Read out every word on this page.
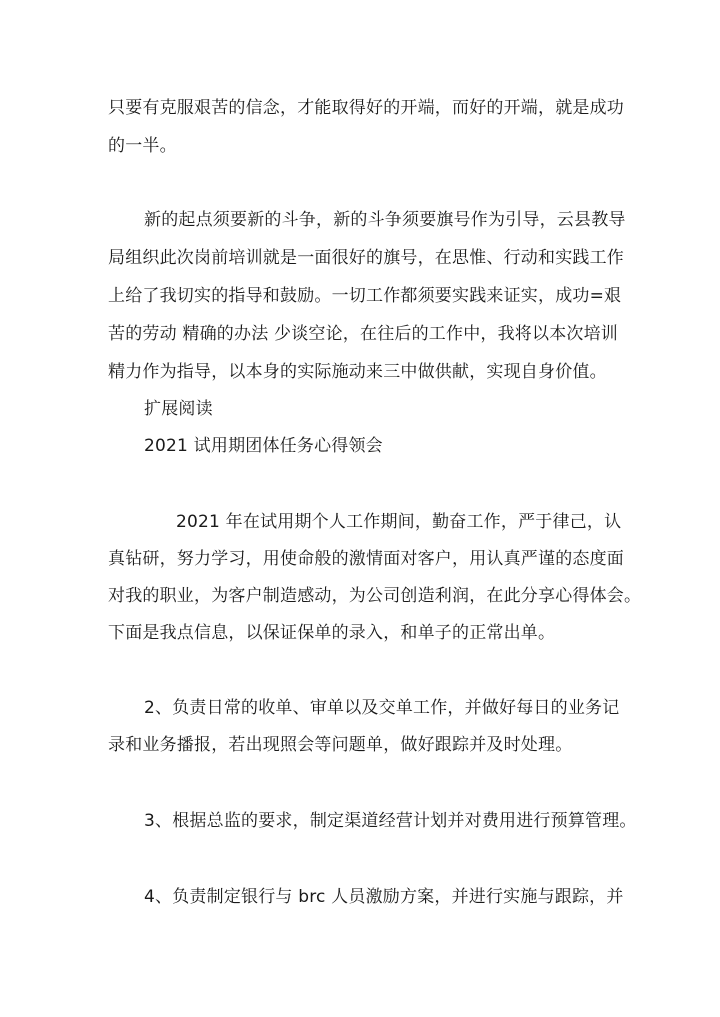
只要有克服艰苦的信念，才能取得好的开端，而好的开端，就是成功
的一半。
新的起点须要新的斗争，新的斗争须要旗号作为引导，云县教导
局组织此次岗前培训就是一面很好的旗号，在思惟、行动和实践工作
上给了我切实的指导和鼓励。一切工作都须要实践来证实，成功=艰
苦的劳动 精确的办法 少谈空论，在往后的工作中，我将以本次培训
精力作为指导，以本身的实际施动来三中做供献，实现自身价值。
扩展阅读
2021 试用期团体任务心得领会
2021 年在试用期个人工作期间，勤奋工作，严于律己，认
真钻研，努力学习，用使命般的激情面对客户，用认真严谨的态度面
对我的职业，为客户制造感动，为公司创造利润，在此分享心得体会。
下面是我点信息，以保证保单的录入，和单子的正常出单。
2、负责日常的收单、审单以及交单工作，并做好每日的业务记
录和业务播报，若出现照会等问题单，做好跟踪并及时处理。
3、根据总监的要求，制定渠道经营计划并对费用进行预算管理。
4、负责制定银行与 brc 人员激励方案，并进行实施与跟踪，并
